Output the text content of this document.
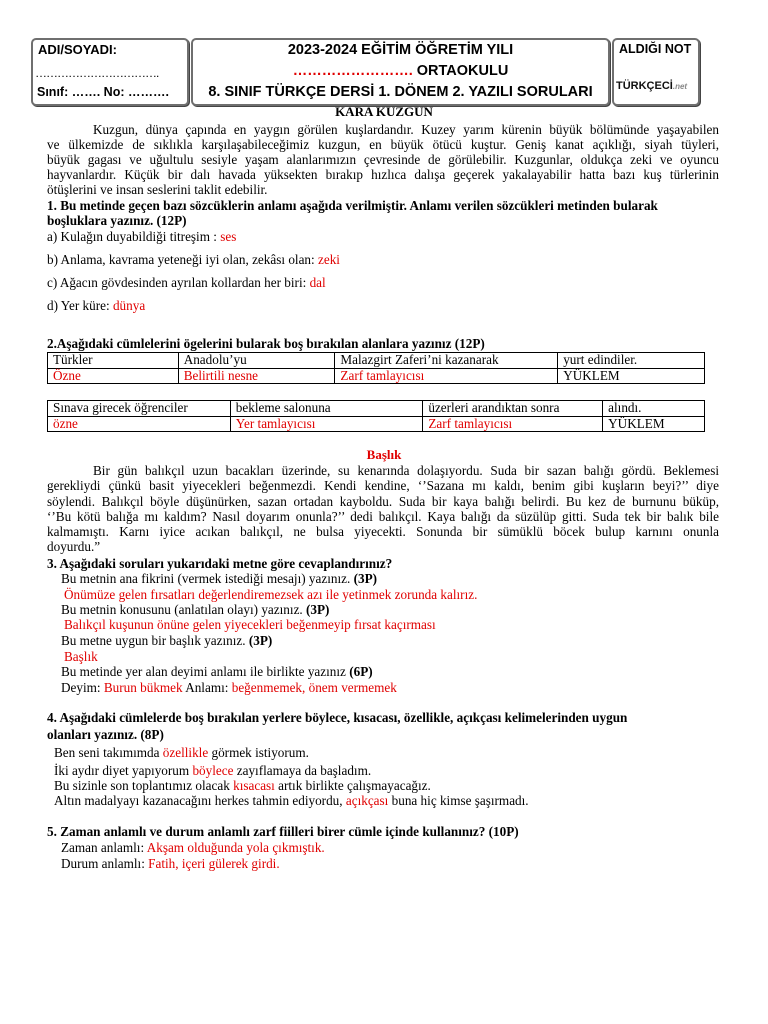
ADI/SOYADI:
…………………………….
Sınıf: ……. No: ……….
2023-2024 EĞİTİM ÖĞRETİM YILI
……………………. ORTAOKULU
8. SINIF TÜRKÇE DERSİ 1. DÖNEM 2. YAZILI SORULARI
ALDIĞI NOT
TÜRKÇECİ.net
KARA KUZGUN
Kuzgun, dünya çapında en yaygın görülen kuşlardandır. Kuzey yarım kürenin büyük bölümünde yaşayabilen
ve ülkemizde de sıklıkla karşılaşabileceğimiz kuzgun, en büyük ötücü kuştur. Geniş kanat açıklığı, siyah tüyleri,
büyük gagası ve uğultulu sesiyle yaşam alanlarımızın çevresinde de görülebilir. Kuzgunlar, oldukça zeki ve oyuncu
hayvanlardır. Küçük bir dalı havada yüksekten bırakıp hızlıca dalışa geçerek yakalayabilir hatta bazı kuş türlerinin
ötüşlerini ve insan seslerini taklit edebilir.
1. Bu metinde geçen bazı sözcüklerin anlamı aşağıda verilmiştir. Anlamı verilen sözcükleri metinden bularak
boşluklara yazınız. (12P)
a) Kulağın duyabildiği titreşim : ses
b) Anlama, kavrama yeteneği iyi olan, zekâsı olan: zeki
c) Ağacın gövdesinden ayrılan kollardan her biri: dal
d) Yer küre: dünya
2.Aşağıdaki cümlelerini ögelerini bularak boş bırakılan alanlara yazınız (12P)
Türkler	Anadolu’yu	Malazgirt Zaferi’ni kazanarak	yurt edindiler.
Özne	Belirtili nesne	Zarf tamlayıcısı	YÜKLEM
Sınava girecek öğrenciler	bekleme salonuna	üzerleri arandıktan sonra	alındı.
özne	Yer tamlayıcısı	Zarf tamlayıcısı	YÜKLEM
Başlık
Bir gün balıkçıl uzun bacakları üzerinde, su kenarında dolaşıyordu. Suda bir sazan balığı gördü. Beklemesi
gerekliydi çünkü basit yiyecekleri beğenmezdi. Kendi kendine, ‘’Sazana mı kaldı, benim gibi kuşların beyi?’’ diye
söylendi. Balıkçıl böyle düşünürken, sazan ortadan kayboldu. Suda bir kaya balığı belirdi. Bu kez de burnunu büküp,
‘’Bu kötü balığa mı kaldım? Nasıl doyarım onunla?’’ dedi balıkçıl. Kaya balığı da süzülüp gitti. Suda tek bir balık bile
kalmamıştı. Karnı iyice acıkan balıkçıl, ne bulsa yiyecekti. Sonunda bir sümüklü böcek bulup karnını onunla
doyurdu.”
3. Aşağıdaki soruları yukarıdaki metne göre cevaplandırınız?
Bu metnin ana fikrini (vermek istediği mesajı) yazınız. (3P)
Önümüze gelen fırsatları değerlendiremezsek azı ile yetinmek zorunda kalırız.
Bu metnin konusunu (anlatılan olayı) yazınız. (3P)
Balıkçıl kuşunun önüne gelen yiyecekleri beğenmeyip fırsat kaçırması
Bu metne uygun bir başlık yazınız. (3P)
Başlık
Bu metinde yer alan deyimi anlamı ile birlikte yazınız (6P)
Deyim: Burun bükmek Anlamı: beğenmemek, önem vermemek
4. Aşağıdaki cümlelerde boş bırakılan yerlere böylece, kısacası, özellikle, açıkçası kelimelerinden uygun
olanları yazınız. (8P)
Ben seni takımımda özellikle görmek istiyorum.
İki aydır diyet yapıyorum böylece zayıflamaya da başladım.
Bu sizinle son toplantımız olacak kısacası artık birlikte çalışmayacağız.
Altın madalyayı kazanacağını herkes tahmin ediyordu, açıkçası buna hiç kimse şaşırmadı.
5. Zaman anlamlı ve durum anlamlı zarf fiilleri birer cümle içinde kullanınız? (10P)
Zaman anlamlı: Akşam olduğunda yola çıkmıştık.
Durum anlamlı: Fatih, içeri gülerek girdi.
